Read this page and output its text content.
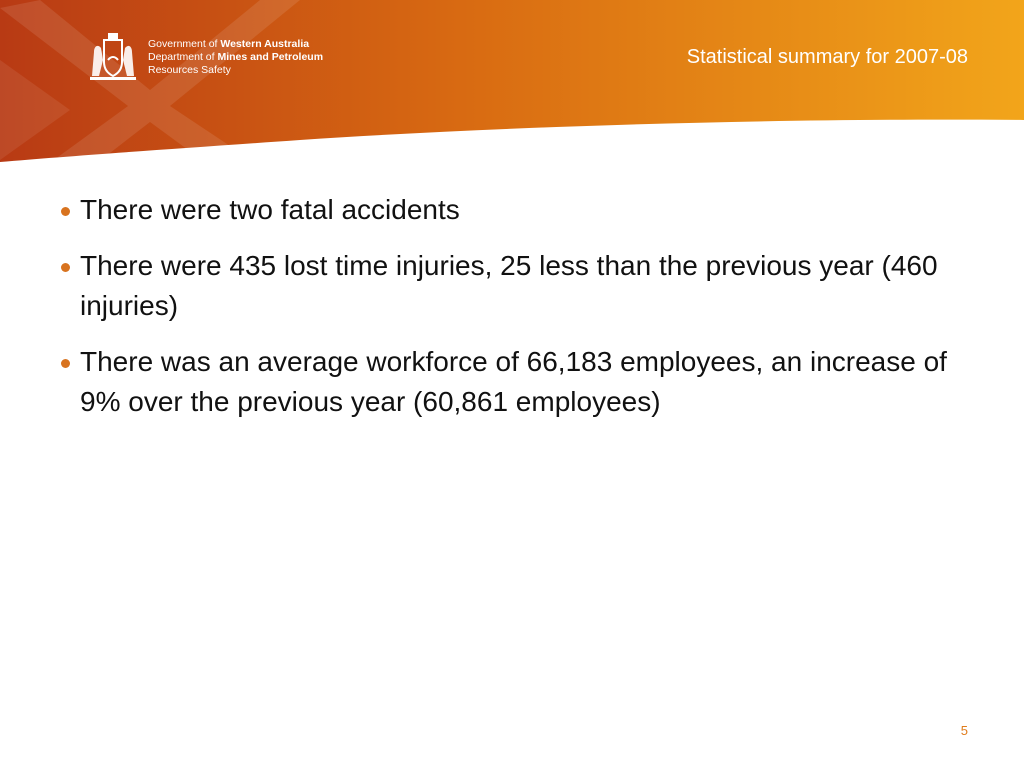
Government of Western Australia
Department of Mines and Petroleum
Resources Safety
Statistical summary for 2007-08
There were two fatal accidents
There were 435 lost time injuries, 25 less than the previous year (460 injuries)
There was an average workforce of 66,183 employees, an increase of 9% over the previous year (60,861 employees)
5
